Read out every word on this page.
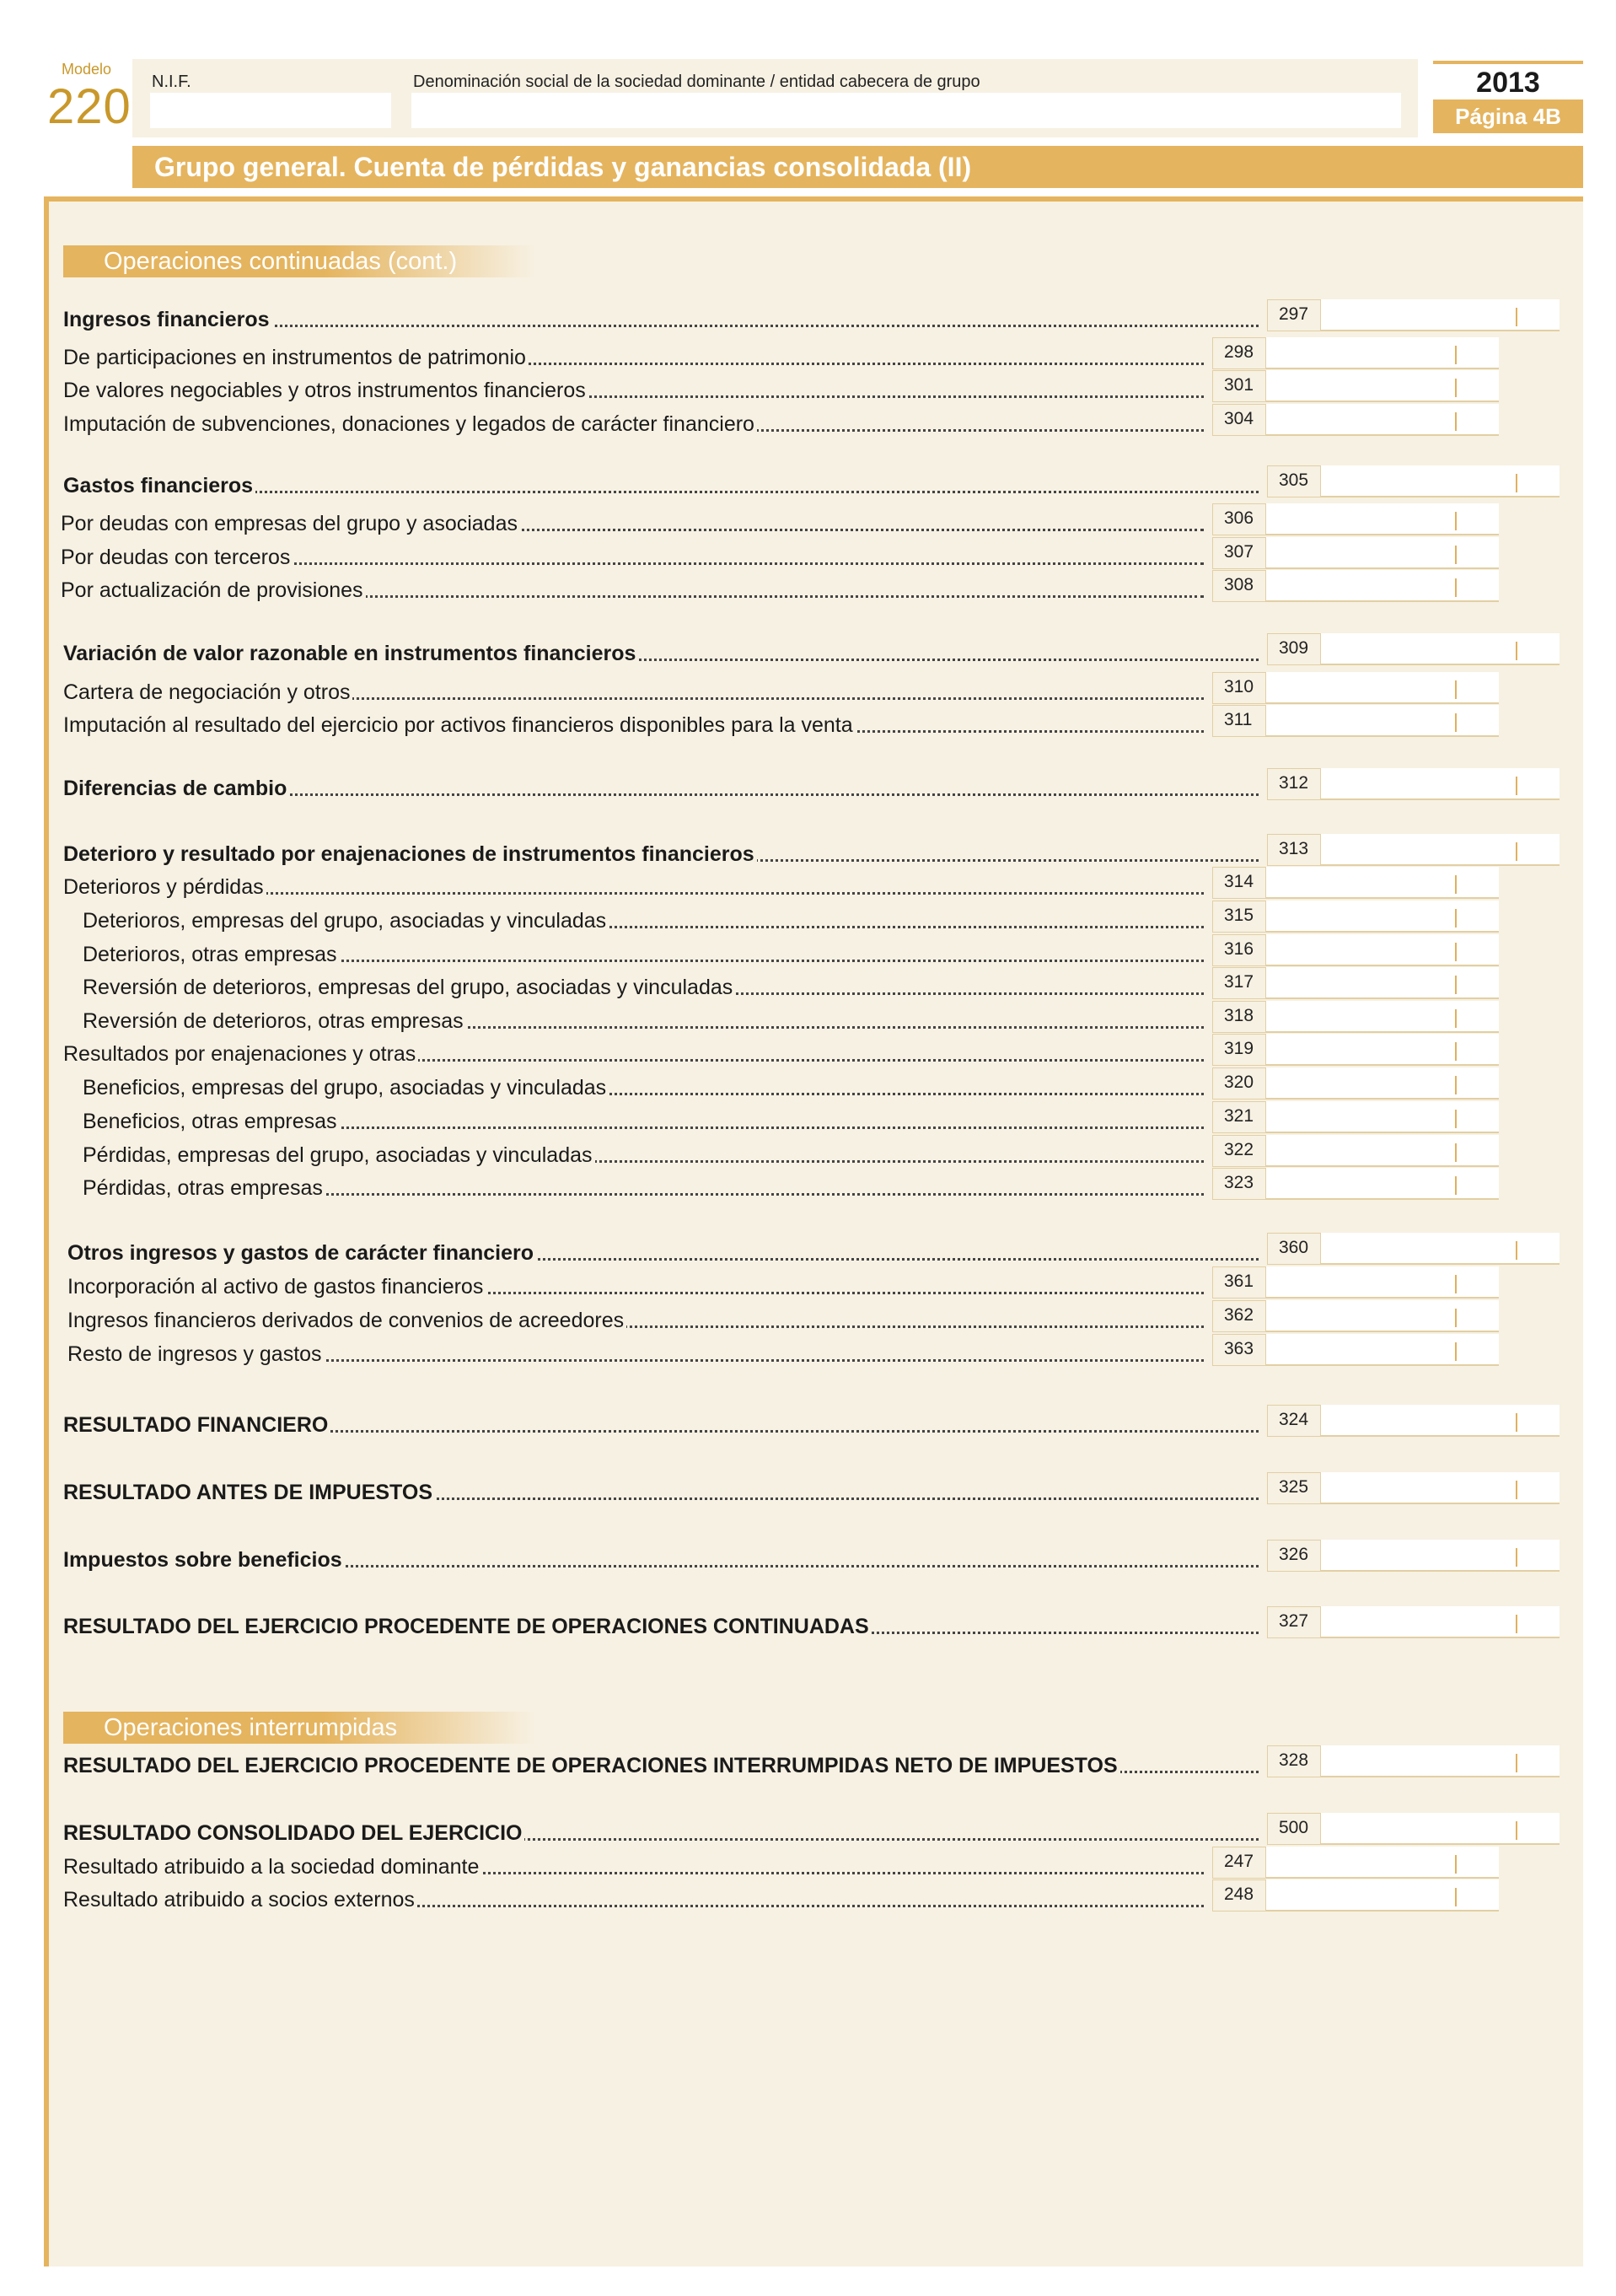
Modelo
220 N.I.F.	Denominación social de la sociedad dominante / entidad cabecera de grupo	2013
Página 4B
Grupo general. Cuenta de pérdidas y ganancias consolidada (II)
Operaciones continuadas (cont.)
Operaciones interrumpidas
Ingresos financieros	297
De participaciones en instrumentos de patrimonio	298
De valores negociables y otros instrumentos financieros	301
Imputación de subvenciones, donaciones y legados de carácter financiero	304
Gastos financieros	305
Por deudas con empresas del grupo y asociadas	306
Por deudas con terceros	307
Por actualización de provisiones	308
Variación de valor razonable en instrumentos financieros	309
Cartera de negociación y otros	310
Imputación al resultado del ejercicio por activos financieros disponibles para la venta	311
Diferencias de cambio	312
Deterioro y resultado por enajenaciones de instrumentos financieros	313
Deterioros y pérdidas	314
Deterioros, empresas del grupo, asociadas y vinculadas	315
Deterioros, otras empresas	316
Reversión de deterioros, empresas del grupo, asociadas y vinculadas	317
Reversión de deterioros, otras empresas	318
Resultados por enajenaciones y otras	319
Beneficios, empresas del grupo, asociadas y vinculadas	320
Beneficios, otras empresas	321
Pérdidas, empresas del grupo, asociadas y vinculadas	322
Pérdidas, otras empresas	323
Otros ingresos y gastos de carácter financiero	360
Incorporación al activo de gastos financieros	361
Ingresos financieros derivados de convenios de acreedores	362
Resto de ingresos y gastos	363
RESULTADO FINANCIERO	324
RESULTADO ANTES DE IMPUESTOS	325
Impuestos sobre beneficios	326
RESULTADO DEL EJERCICIO PROCEDENTE DE OPERACIONES CONTINUADAS	327
RESULTADO DEL EJERCICIO PROCEDENTE DE OPERACIONES INTERRUMPIDAS NETO DE IMPUESTOS	328
RESULTADO CONSOLIDADO DEL EJERCICIO	500
Resultado atribuido a la sociedad dominante	247
Resultado atribuido a socios externos	248
